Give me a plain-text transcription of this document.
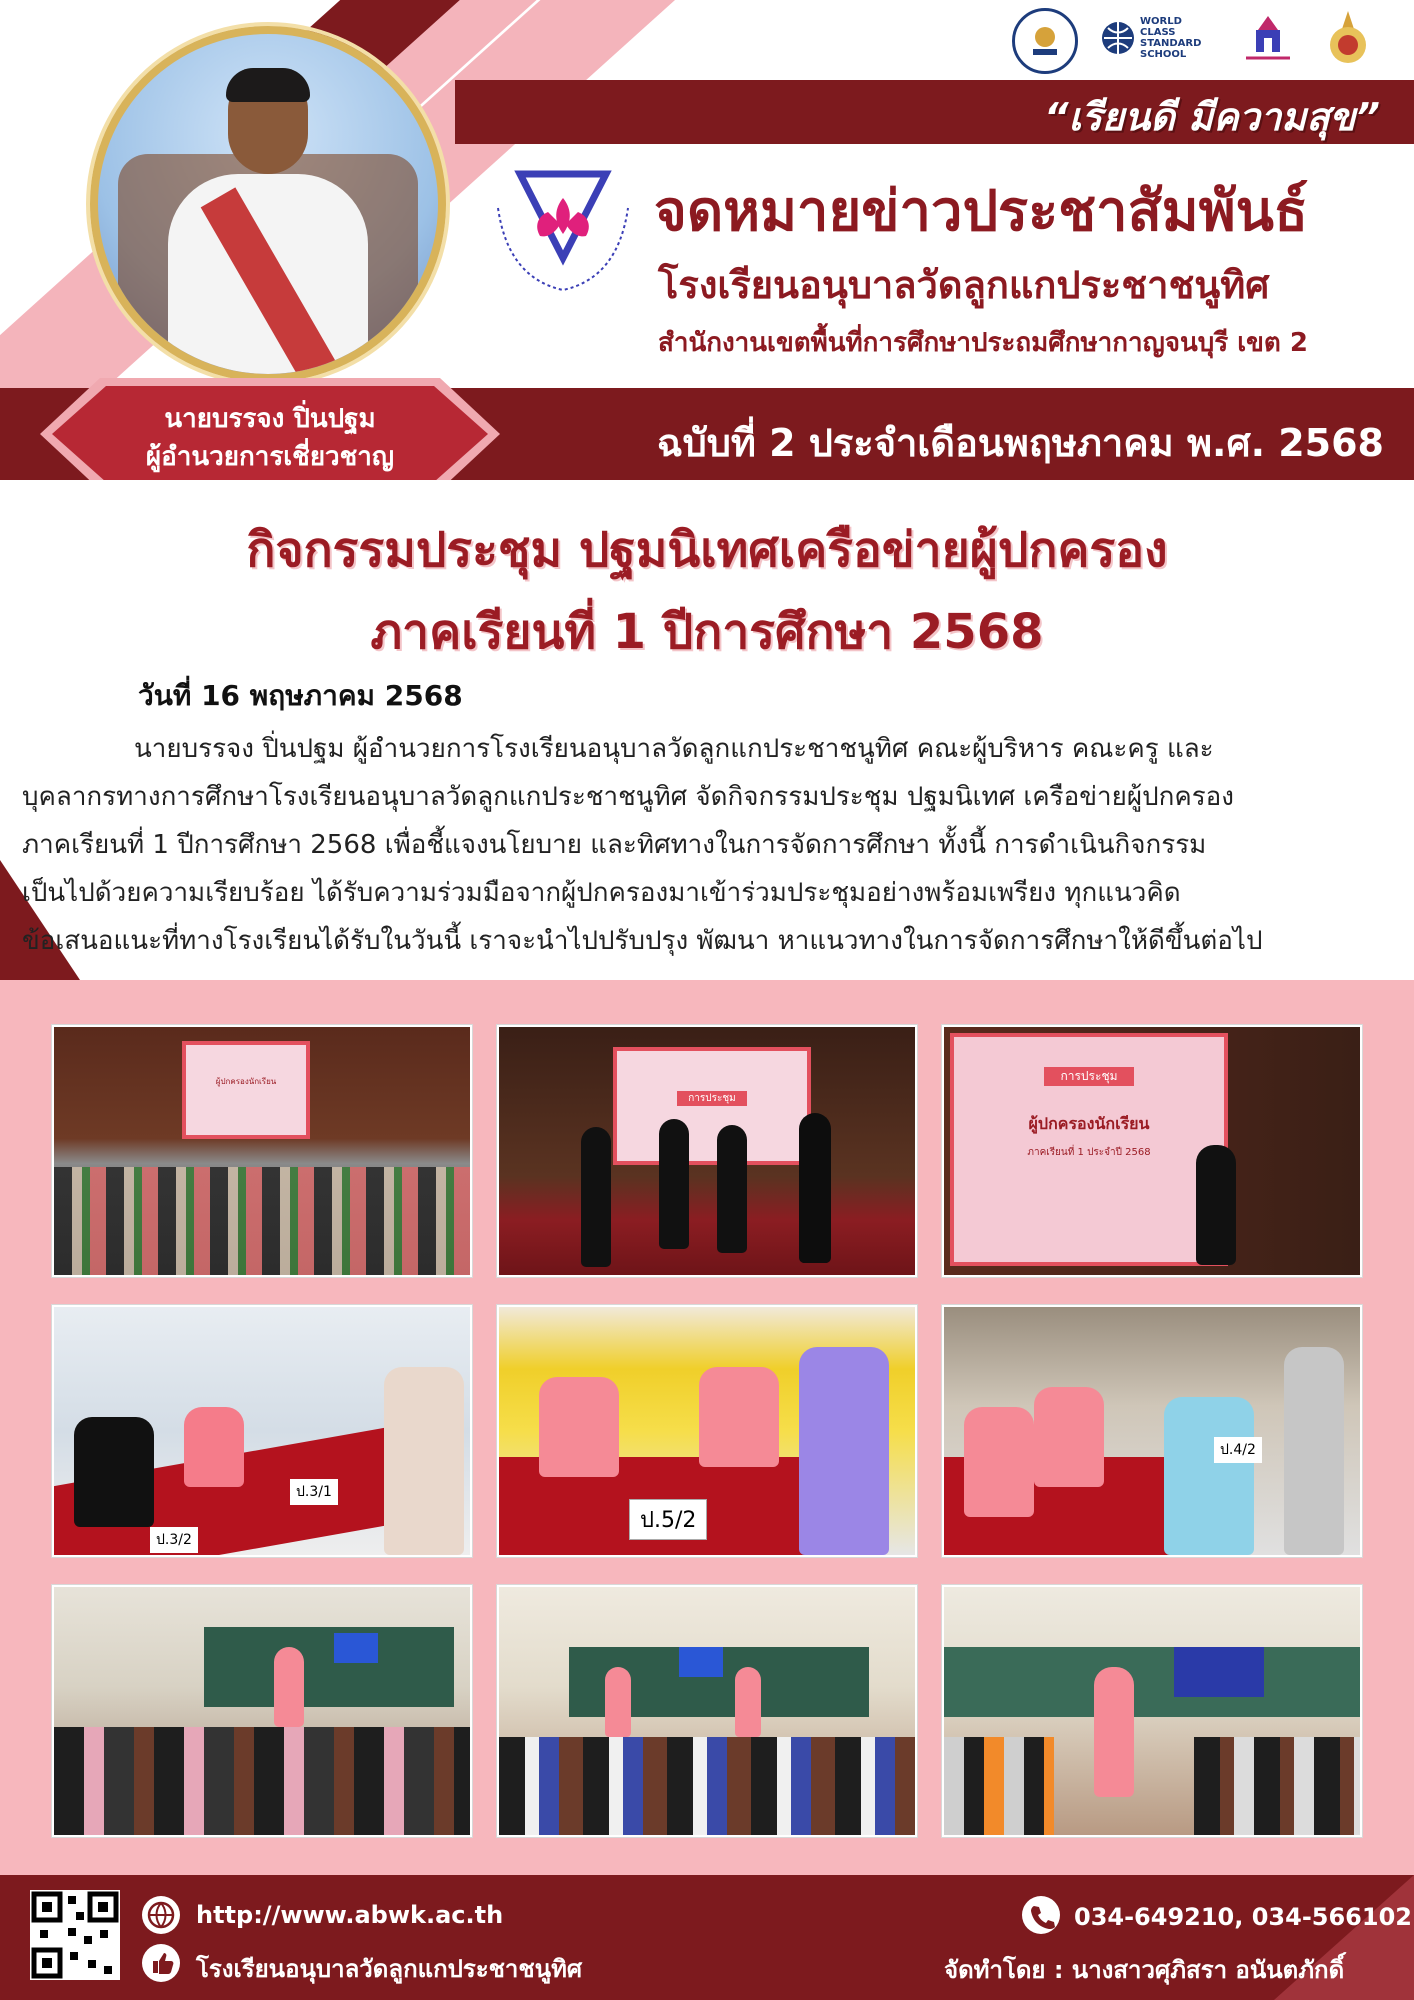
“เรียนดี มีความสุข”
WORLD CLASS STANDARD SCHOOL
จดหมายข่าวประชาสัมพันธ์
โรงเรียนอนุบาลวัดลูกแกประชาชนูทิศ
สำนักงานเขตพื้นที่การศึกษาประถมศึกษากาญจนบุรี เขต 2
นายบรรจง ปิ่นปฐม
ผู้อำนวยการเชี่ยวชาญ	ฉบับที่ 2 ประจำเดือนพฤษภาคม พ.ศ. 2568
กิจกรรมประชุม ปฐมนิเทศเครือข่ายผู้ปกครอง
ภาคเรียนที่ 1 ปีการศึกษา 2568
วันที่ 16 พฤษภาคม 2568
นายบรรจง ปิ่นปฐม ผู้อำนวยการโรงเรียนอนุบาลวัดลูกแกประชาชนูทิศ คณะผู้บริหาร คณะครู และ
บุคลากรทางการศึกษาโรงเรียนอนุบาลวัดลูกแกประชาชนูทิศ จัดกิจกรรมประชุม ปฐมนิเทศ เครือข่ายผู้ปกครอง
ภาคเรียนที่ 1 ปีการศึกษา 2568 เพื่อชี้แจงนโยบาย และทิศทางในการจัดการศึกษา ทั้งนี้ การดำเนินกิจกรรม
เป็นไปด้วยความเรียบร้อย ได้รับความร่วมมือจากผู้ปกครองมาเข้าร่วมประชุมอย่างพร้อมเพรียง ทุกแนวคิด
ข้อเสนอแนะที่ทางโรงเรียนได้รับในวันนี้ เราจะนำไปปรับปรุง พัฒนา หาแนวทางในการจัดการศึกษาให้ดีขึ้นต่อไป
ผู้ปกครองนักเรียน
การประชุม
การประชุม
ผู้ปกครองนักเรียน
ภาคเรียนที่ 1 ประจำปี 2568
ป.3/1
ป.3/2
ป.5/2
ป.4/2
http://www.abwk.ac.th
โรงเรียนอนุบาลวัดลูกแกประชาชนูทิศ
034-649210, 034-566102
จัดทำโดย : นางสาวศุภิสรา อนันตภักดิ์
